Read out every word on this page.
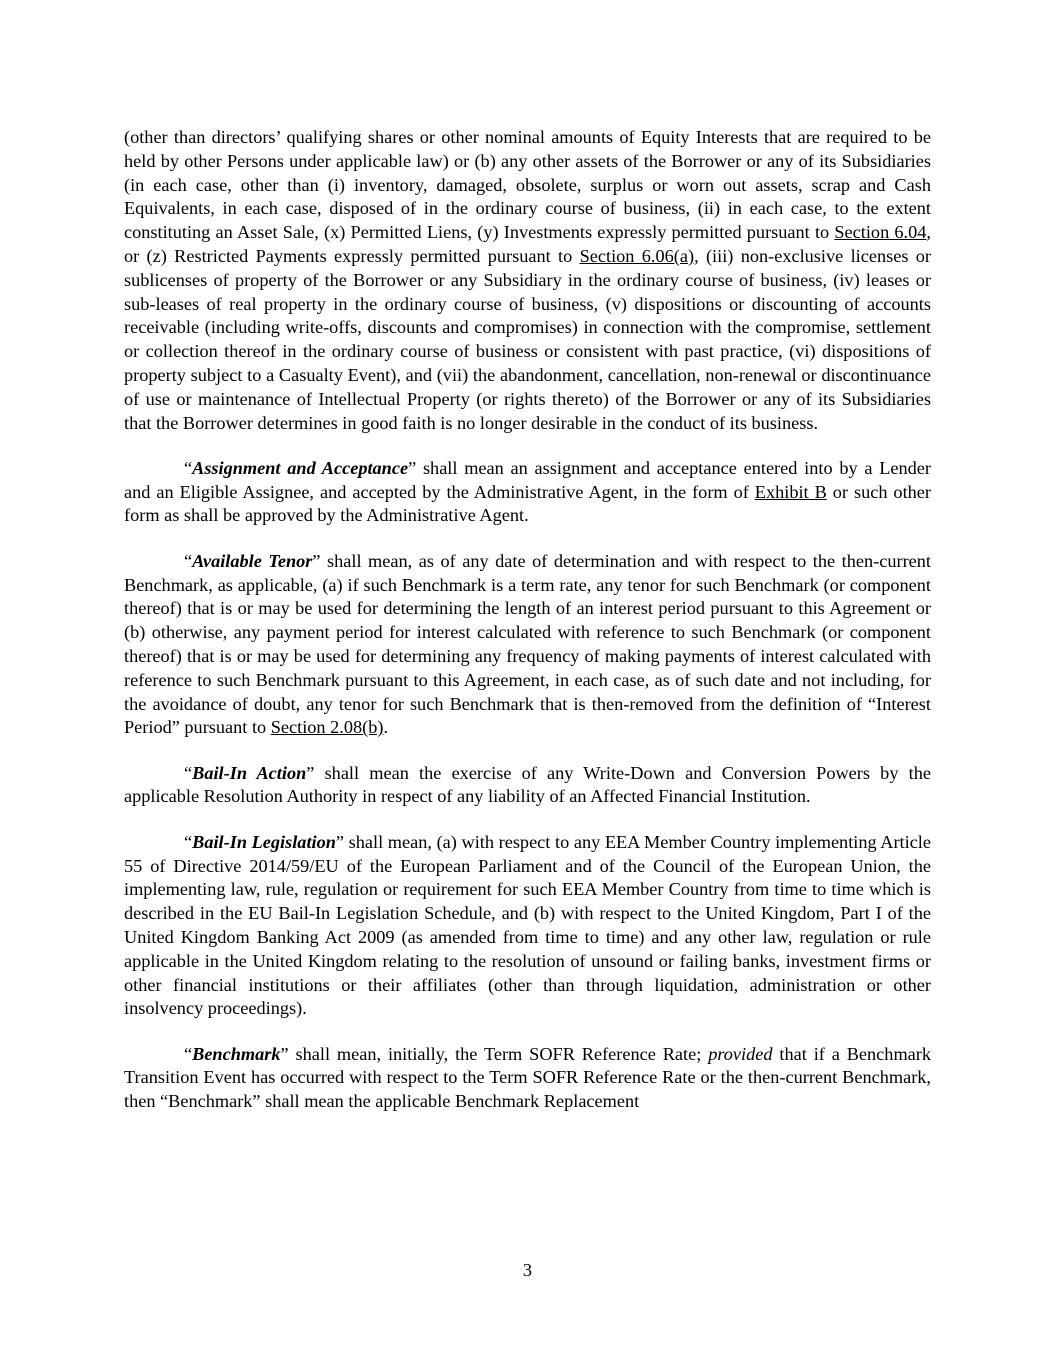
(other than directors’ qualifying shares or other nominal amounts of Equity Interests that are required to be held by other Persons under applicable law) or (b) any other assets of the Borrower or any of its Subsidiaries (in each case, other than (i) inventory, damaged, obsolete, surplus or worn out assets, scrap and Cash Equivalents, in each case, disposed of in the ordinary course of business, (ii) in each case, to the extent constituting an Asset Sale, (x) Permitted Liens, (y) Investments expressly permitted pursuant to Section 6.04, or (z) Restricted Payments expressly permitted pursuant to Section 6.06(a), (iii) non-exclusive licenses or sublicenses of property of the Borrower or any Subsidiary in the ordinary course of business, (iv) leases or sub-leases of real property in the ordinary course of business, (v) dispositions or discounting of accounts receivable (including write-offs, discounts and compromises) in connection with the compromise, settlement or collection thereof in the ordinary course of business or consistent with past practice, (vi) dispositions of property subject to a Casualty Event), and (vii) the abandonment, cancellation, non-renewal or discontinuance of use or maintenance of Intellectual Property (or rights thereto) of the Borrower or any of its Subsidiaries that the Borrower determines in good faith is no longer desirable in the conduct of its business.

“Assignment and Acceptance” shall mean an assignment and acceptance entered into by a Lender and an Eligible Assignee, and accepted by the Administrative Agent, in the form of Exhibit B or such other form as shall be approved by the Administrative Agent.

“Available Tenor” shall mean, as of any date of determination and with respect to the then-current Benchmark, as applicable, (a) if such Benchmark is a term rate, any tenor for such Benchmark (or component thereof) that is or may be used for determining the length of an interest period pursuant to this Agreement or (b) otherwise, any payment period for interest calculated with reference to such Benchmark (or component thereof) that is or may be used for determining any frequency of making payments of interest calculated with reference to such Benchmark pursuant to this Agreement, in each case, as of such date and not including, for the avoidance of doubt, any tenor for such Benchmark that is then-removed from the definition of “Interest Period” pursuant to Section 2.08(b).

“Bail-In Action” shall mean the exercise of any Write-Down and Conversion Powers by the applicable Resolution Authority in respect of any liability of an Affected Financial Institution.

“Bail-In Legislation” shall mean, (a) with respect to any EEA Member Country implementing Article 55 of Directive 2014/59/EU of the European Parliament and of the Council of the European Union, the implementing law, rule, regulation or requirement for such EEA Member Country from time to time which is described in the EU Bail-In Legislation Schedule, and (b) with respect to the United Kingdom, Part I of the United Kingdom Banking Act 2009 (as amended from time to time) and any other law, regulation or rule applicable in the United Kingdom relating to the resolution of unsound or failing banks, investment firms or other financial institutions or their affiliates (other than through liquidation, administration or other insolvency proceedings).

“Benchmark” shall mean, initially, the Term SOFR Reference Rate; provided that if a Benchmark Transition Event has occurred with respect to the Term SOFR Reference Rate or the then-current Benchmark, then “Benchmark” shall mean the applicable Benchmark Replacement

3
